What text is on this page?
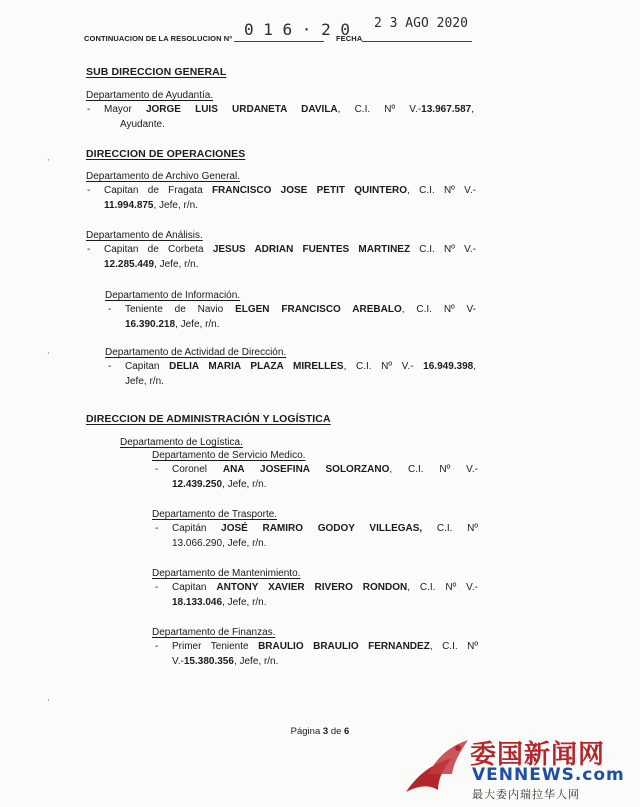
CONTINUACION DE LA RESOLUCION Nº 0 1 6 · 2 0
FECHA
2 3 AGO 2020
SUB DIRECCION GENERAL
Departamento de Ayudantía.
- Mayor JORGE LUIS URDANETA DAVILA, C.I. Nº V.-13.967.587,
Ayudante.
DIRECCION DE OPERACIONES
Departamento de Archivo General.
- Capitan de Fragata FRANCISCO JOSE PETIT QUINTERO, C.I. Nº V.-
11.994.875, Jefe, r/n.
Departamento de Análisis.
- Capitan de Corbeta JESUS ADRIAN FUENTES MARTINEZ C.I. Nº V.-
12.285.449, Jefe, r/n.
Departamento de Información.
- Teniente de Navio ELGEN FRANCISCO AREBALO, C.I. Nº V-
16.390.218, Jefe, r/n.
Departamento de Actividad de Dirección.
- Capitan DELIA MARIA PLAZA MIRELLES, C.I. Nº V.- 16.949.398,
Jefe, r/n.
DIRECCION DE ADMINISTRACIÓN Y LOGÍSTICA
Departamento de Logística.
Departamento de Servicio Medico.
- Coronel ANA JOSEFINA SOLORZANO, C.I. Nº V.-
12.439.250, Jefe, r/n.
Departamento de Trasporte.
- Capitán JOSÉ RAMIRO GODOY VILLEGAS, C.I. Nº
13.066.290, Jefe, r/n.
Departamento de Mantenimiento.
- Capitan ANTONY XAVIER RIVERO RONDON, C.I. Nº V.-
18.133.046, Jefe, r/n.
Departamento de Finanzas.
- Primer Teniente BRAULIO BRAULIO FERNANDEZ, C.I. Nº
V.-15.380.356, Jefe, r/n.
,
,
,
Página 3 de 6
委国新闻网
VENNEWS.com
最大委内瑞拉华人网
